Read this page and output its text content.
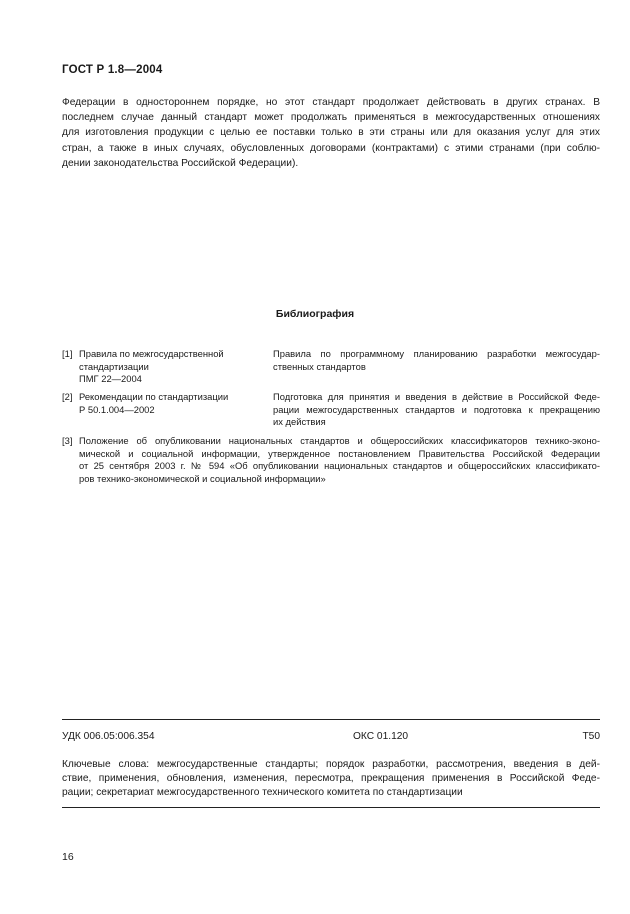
ГОСТ Р 1.8—2004
Федерации в одностороннем порядке, но этот стандарт продолжает действовать в других странах. В
последнем случае данный стандарт может продолжать применяться в межгосударственных отношениях
для изготовления продукции с целью ее поставки только в эти страны или для оказания услуг для этих
стран, а также в иных случаях, обусловленных договорами (контрактами) с этими странами (при соблю-
дении законодательства Российской Федерации).
Библиография
[1] Правила по межгосударственной
стандартизации
ПМГ 22—2004
Правила по программному планированию разработки межгосудар-
ственных стандартов
[2] Рекомендации по стандартизации
Р 50.1.004—2002
Подготовка для принятия и введения в действие в Российской Феде-
рации межгосударственных стандартов и подготовка к прекращению
их действия
[3] Положение об опубликовании национальных стандартов и общероссийских классификаторов технико-эконо-
мической и социальной информации, утвержденное постановлением Правительства Российской Федерации
от 25 сентября 2003 г. № 594 «Об опубликовании национальных стандартов и общероссийских классификато-
ров технико-экономической и социальной информации»
УДК 006.05:006.354	ОКС 01.120	Т50
Ключевые слова: межгосударственные стандарты; порядок разработки, рассмотрения, введения в дей-
ствие, применения, обновления, изменения, пересмотра, прекращения применения в Российской Феде-
рации; секретариат межгосударственного технического комитета по стандартизации
16
